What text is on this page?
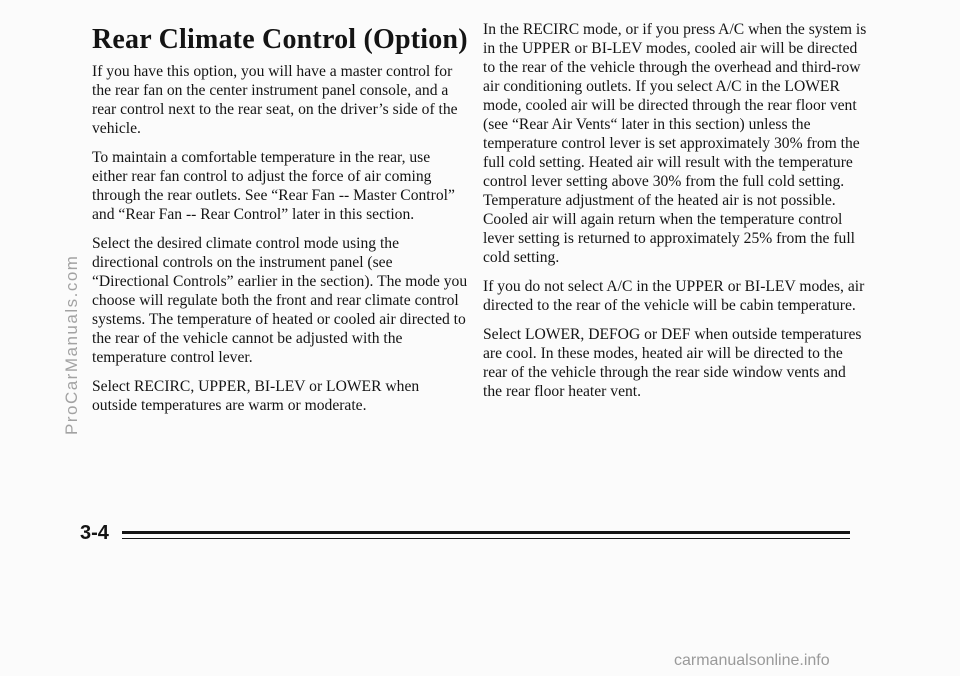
Rear Climate Control (Option)

If you have this option, you will have a master control for the rear fan on the center instrument panel console, and a rear control next to the rear seat, on the driver’s side of the vehicle.

To maintain a comfortable temperature in the rear, use either rear fan control to adjust the force of air coming through the rear outlets. See “Rear Fan -- Master Control” and “Rear Fan -- Rear Control” later in this section.

Select the desired climate control mode using the directional controls on the instrument panel (see “Directional Controls” earlier in the section). The mode you choose will regulate both the front and rear climate control systems. The temperature of heated or cooled air directed to the rear of the vehicle cannot be adjusted with the temperature control lever.

Select RECIRC, UPPER, BI-LEV or LOWER when outside temperatures are warm or moderate.

In the RECIRC mode, or if you press A/C when the system is in the UPPER or BI-LEV modes, cooled air will be directed to the rear of the vehicle through the overhead and third-row air conditioning outlets. If you select A/C in the LOWER mode, cooled air will be directed through the rear floor vent (see “Rear Air Vents“ later in this section) unless the temperature control lever is set approximately 30% from the full cold setting. Heated air will result with the temperature control lever setting above 30% from the full cold setting. Temperature adjustment of the heated air is not possible. Cooled air will again return when the temperature control lever setting is returned to approximately 25% from the full cold setting.

If you do not select A/C in the UPPER or BI-LEV modes, air directed to the rear of the vehicle will be cabin temperature.

Select LOWER, DEFOG or DEF when outside temperatures are cool. In these modes, heated air will be directed to the rear of the vehicle through the rear side window vents and the rear floor heater vent.

ProCarManuals.com
3-4
carmanualsonline.info
